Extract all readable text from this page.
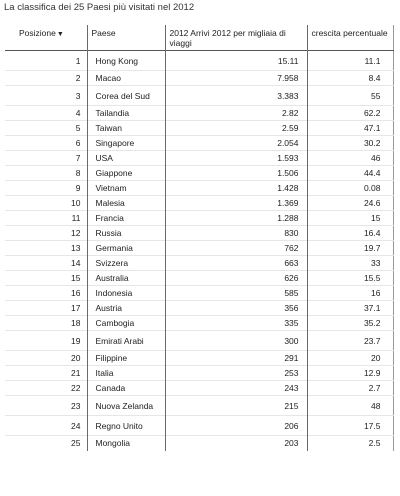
La classifica dei 25 Paesi più visitati nel 2012
Posizione▼	Paese	2012 Arrivi 2012 per migliaia di viaggi	crescita percentuale
1	Hong Kong	15.11	11.1
2	Macao	7.958	8.4
3	Corea del Sud	3.383	55
4	Tailandia	2.82	62.2
5	Taiwan	2.59	47.1
6	Singapore	2.054	30.2
7	USA	1.593	46
8	Giappone	1.506	44.4
9	Vietnam	1.428	0.08
10	Malesia	1.369	24.6
11	Francia	1.288	15
12	Russia	830	16.4
13	Germania	762	19.7
14	Svizzera	663	33
15	Australia	626	15.5
16	Indonesia	585	16
17	Austria	356	37.1
18	Cambogia	335	35.2
19	Emirati Arabi	300	23.7
20	Filippine	291	20
21	Italia	253	12.9
22	Canada	243	2.7
23	Nuova Zelanda	215	48
24	Regno Unito	206	17.5
25	Mongolia	203	2.5
